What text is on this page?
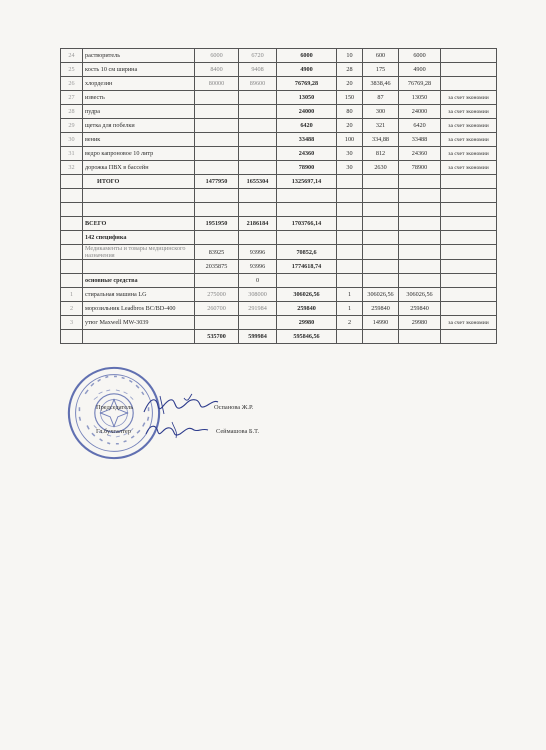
24	растворитель	6000	6720	6000	10	600	6000	
25	кость 10 см ширина	8400	9408	4900	28	175	4900	
26	хлордезин	80000	89600	76769,28	20	3838,46	76769,28	
27	известь			13050	150	87	13050	за счет экономии
28	пудра			24000	80	300	24000	за счет экономии
29	щетка для побелки			6420	20	321	6420	за счет экономии
30	веник			33488	100	334,88	33488	за счет экономии
31	ведро капроновое 10 литр			24360	30	812	24360	за счет экономии
32	дорожка ПВХ в бассейн			78900	30	2630	78900	за счет экономии
	ИТОГО	1477950	1655304	1325697,14				

	ВСЕГО	1951950	2186184	1703766,14				
	142 специфика							
	Медикаменты и товары медицинского назначения	83925	93996	70852,6				
		2035875	93996	1774618,74				
	основные средства		0					
1	стиральная машина LG	275000	308000	306026,56	1	306026,56	306026,56	
2	морозильник Leadbros BC/BD-400	260700	291984	259840	1	259840	259840	
3	утюг Maxwell MW-3039			29980	2	14990	29980	за счет экономии
		535700	599984	595846,56				
Председатель	Оспанова Ж.Р.
Гл.бухгалтер	Сеймашова Б.Т.
